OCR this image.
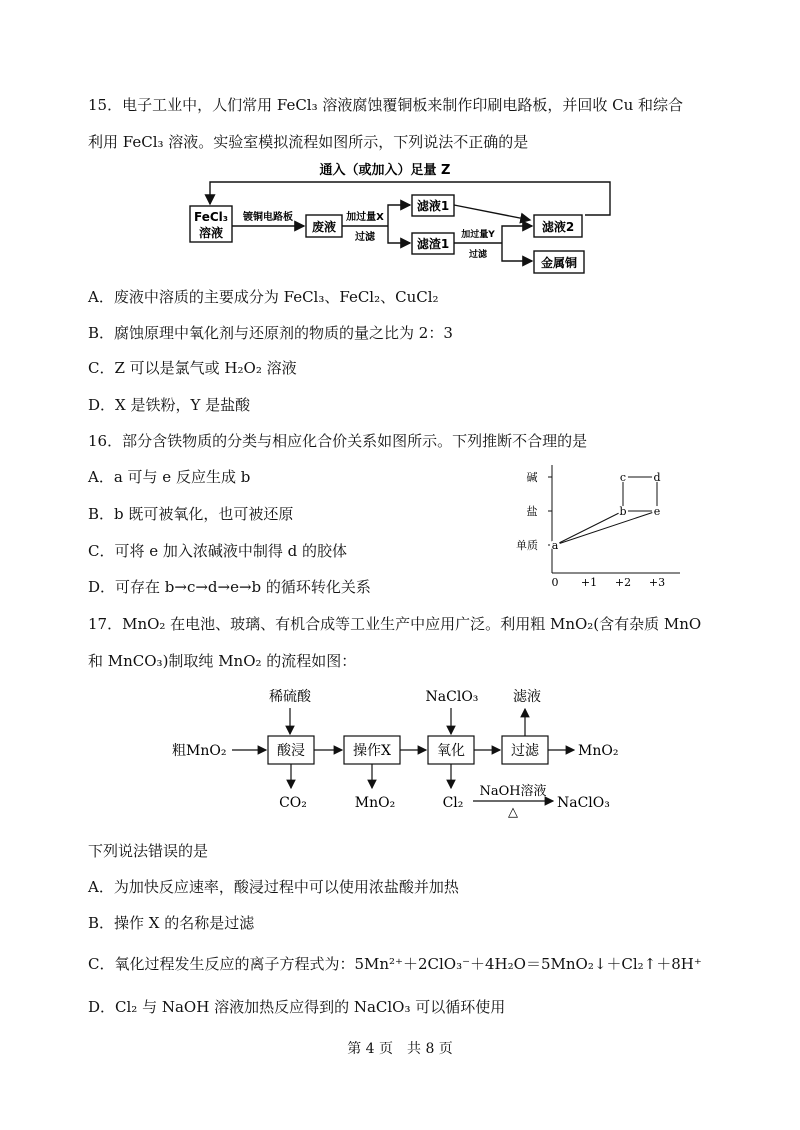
15．电子工业中，人们常用 FeCl₃ 溶液腐蚀覆铜板来制作印刷电路板，并回收 Cu 和综合
利用 FeCl₃ 溶液。实验室模拟流程如图所示，下列说法不正确的是
通入（或加入）足量 Z
FeCl₃
溶液
镀铜电路板
废液
加过量X
过滤
滤液1
滤渣1
加过量Y
过滤
滤液2
金属铜
A．废液中溶质的主要成分为 FeCl₃、FeCl₂、CuCl₂
B．腐蚀原理中氧化剂与还原剂的物质的量之比为 2：3
C．Z 可以是氯气或 H₂O₂ 溶液
D．X 是铁粉，Y 是盐酸
16．部分含铁物质的分类与相应化合价关系如图所示。下列推断不合理的是
A．a 可与 e 反应生成 b
B．b 既可被氧化，也可被还原
C．可将 e 加入浓碱液中制得 d 的胶体
D．可存在 b→c→d→e→b 的循环转化关系
碱
盐
单质
0 +1 +2 +3
a
b
c d
e
17．MnO₂ 在电池、玻璃、有机合成等工业生产中应用广泛。利用粗 MnO₂(含有杂质 MnO
和 MnCO₃)制取纯 MnO₂ 的流程如图：
粗MnO₂
稀硫酸
酸浸
CO₂
操作X
MnO₂
NaClO₃
氧化
Cl₂
NaOH溶液
△
NaClO₃
过滤
滤液
MnO₂
下列说法错误的是
A．为加快反应速率，酸浸过程中可以使用浓盐酸并加热
B．操作 X 的名称是过滤
C．氧化过程发生反应的离子方程式为：5Mn²⁺＋2ClO₃⁻＋4H₂O＝5MnO₂↓＋Cl₂↑＋8H⁺
D．Cl₂ 与 NaOH 溶液加热反应得到的 NaClO₃ 可以循环使用
第 4 页　共 8 页
